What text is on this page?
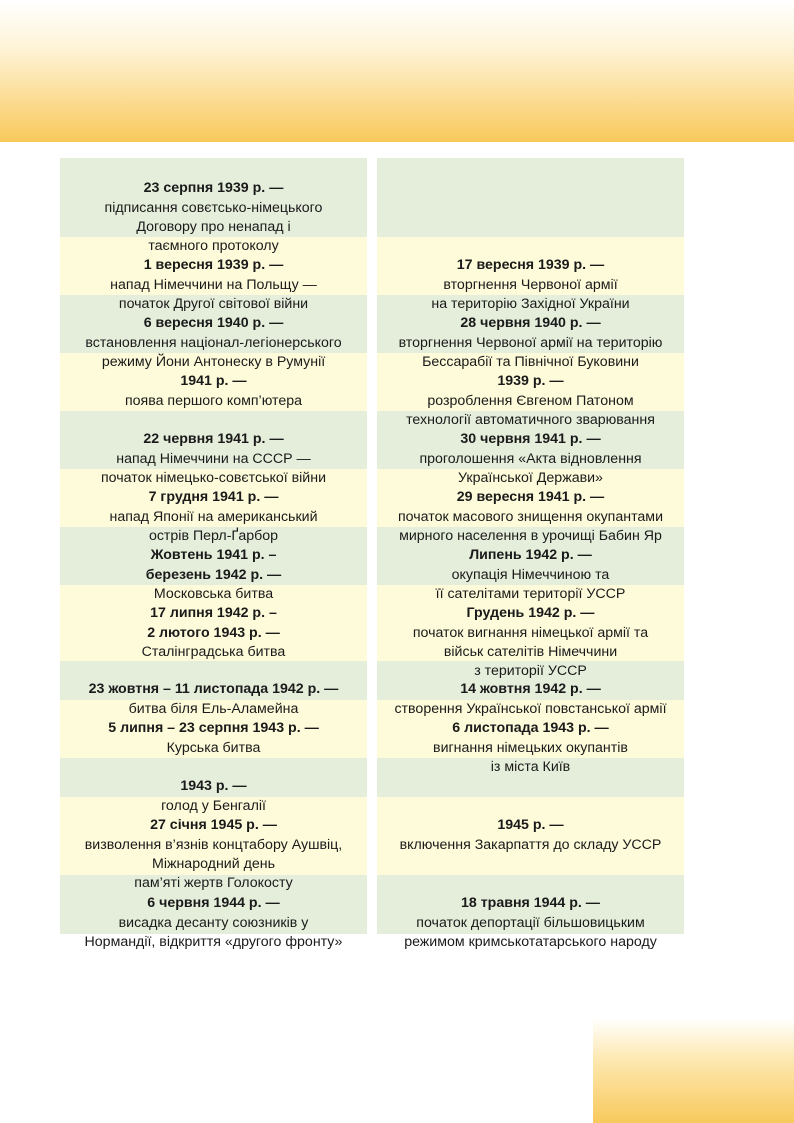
23 серпня 1939 р. —

підписання совєтсько-німецького
Договору про ненапад і
таємного протоколу

1 вересня 1939 р. —

напад Німеччини на Польщу —
початок Другої світової війни

6 вересня 1940 р. —

встановлення націонал-легіонерського
режиму Йони Антонеску в Румунії

1941 р. —

поява першого комп’ютера

22 червня 1941 р. —

напад Німеччини на СССР —
початок німецько-совєтської війни

7 грудня 1941 р. —

напад Японії на американський
острів Перл-Ґарбор

Жовтень 1941 р. –
березень 1942 р. —

Московська битва

17 липня 1942 р. –
2 лютого 1943 р. —

Сталінградська битва

23 жовтня – 11 листопада 1942 р. —

битва біля Ель-Аламейна

5 липня – 23 серпня 1943 р. —

Курська битва

1943 р. —

голод у Бенгалії

27 січня 1945 р. —

визволення в’язнів концтабору Аушвіц,
Міжнародний день
пам’яті жертв Голокосту

6 червня 1944 р. —

висадка десанту союзників у
Нормандії, відкриття «другого фронту»

17 вересня 1939 р. —

вторгнення Червоної армії
на територію Західної України

28 червня 1940 р. —

вторгнення Червоної армії на територію
Бессарабії та Північної Буковини

1939 р. —

розроблення Євгеном Патоном
технології автоматичного зварювання

30 червня 1941 р. —

проголошення «Акта відновлення
Української Держави»

29 вересня 1941 р. —

початок масового знищення окупантами
мирного населення в урочищі Бабин Яр

Липень 1942 р. —

окупація Німеччиною та
її сателітами території УССР

Грудень 1942 р. —

початок вигнання німецької армії та
військ сателітів Німеччини
з території УССР

14 жовтня 1942 р. —

створення Української повстанської армії

6 листопада 1943 р. —

вигнання німецьких окупантів
із міста Київ

1945 р. —

включення Закарпаття до складу УССР

18 травня 1944 р. —

початок депортації більшовицьким
режимом кримськотатарського народу
